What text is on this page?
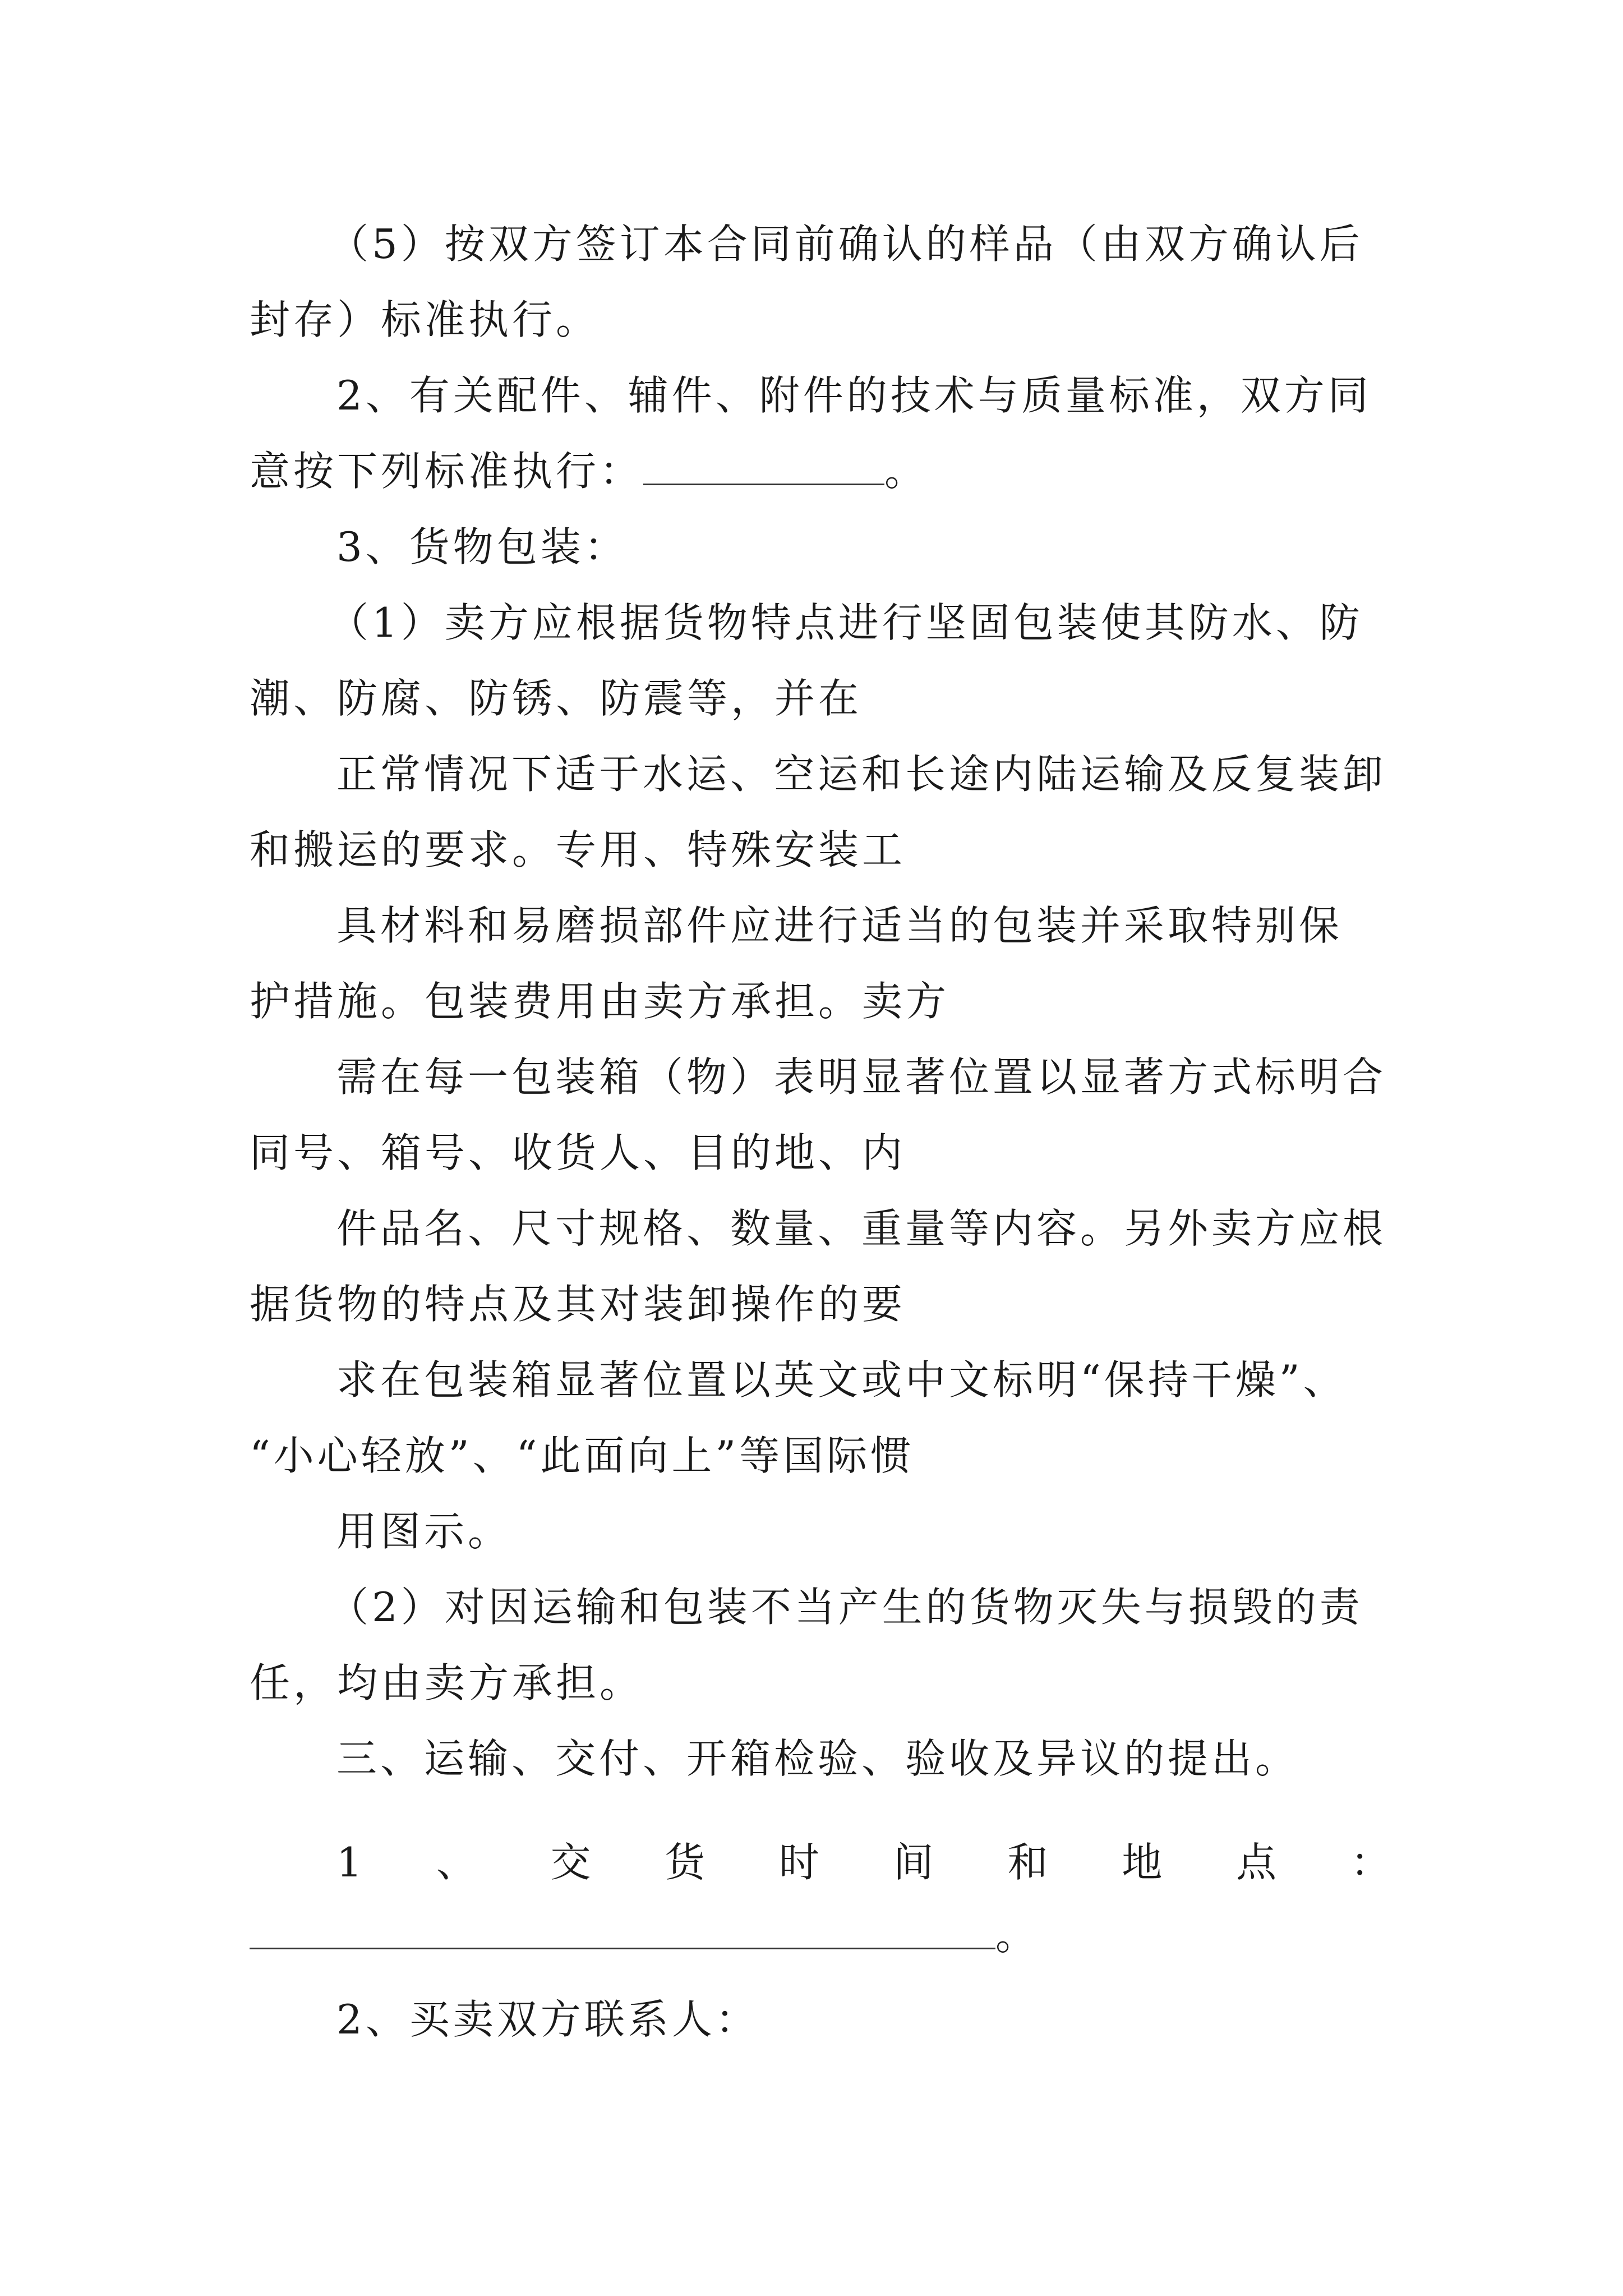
（5）按双方签订本合同前确认的样品（由双方确认后
封存）标准执行。
2、有关配件、辅件、附件的技术与质量标准，双方同
意按下列标准执行：	。
3、货物包装：
（1）卖方应根据货物特点进行坚固包装使其防水、防
潮、防腐、防锈、防震等，并在
正常情况下适于水运、空运和长途内陆运输及反复装卸
和搬运的要求。专用、特殊安装工
具材料和易磨损部件应进行适当的包装并采取特别保
护措施。包装费用由卖方承担。卖方
需在每一包装箱（物）表明显著位置以显著方式标明合
同号、箱号、收货人、目的地、内
件品名、尺寸规格、数量、重量等内容。另外卖方应根
据货物的特点及其对装卸操作的要
求在包装箱显著位置以英文或中文标明“保持干燥”、
“小心轻放”、“此面向上”等国际惯
用图示。
（2）对因运输和包装不当产生的货物灭失与损毁的责
任，均由卖方承担。
三、运输、交付、开箱检验、验收及异议的提出。
1 、 交 货 时 间 和 地 点 ：
。
2、买卖双方联系人：
